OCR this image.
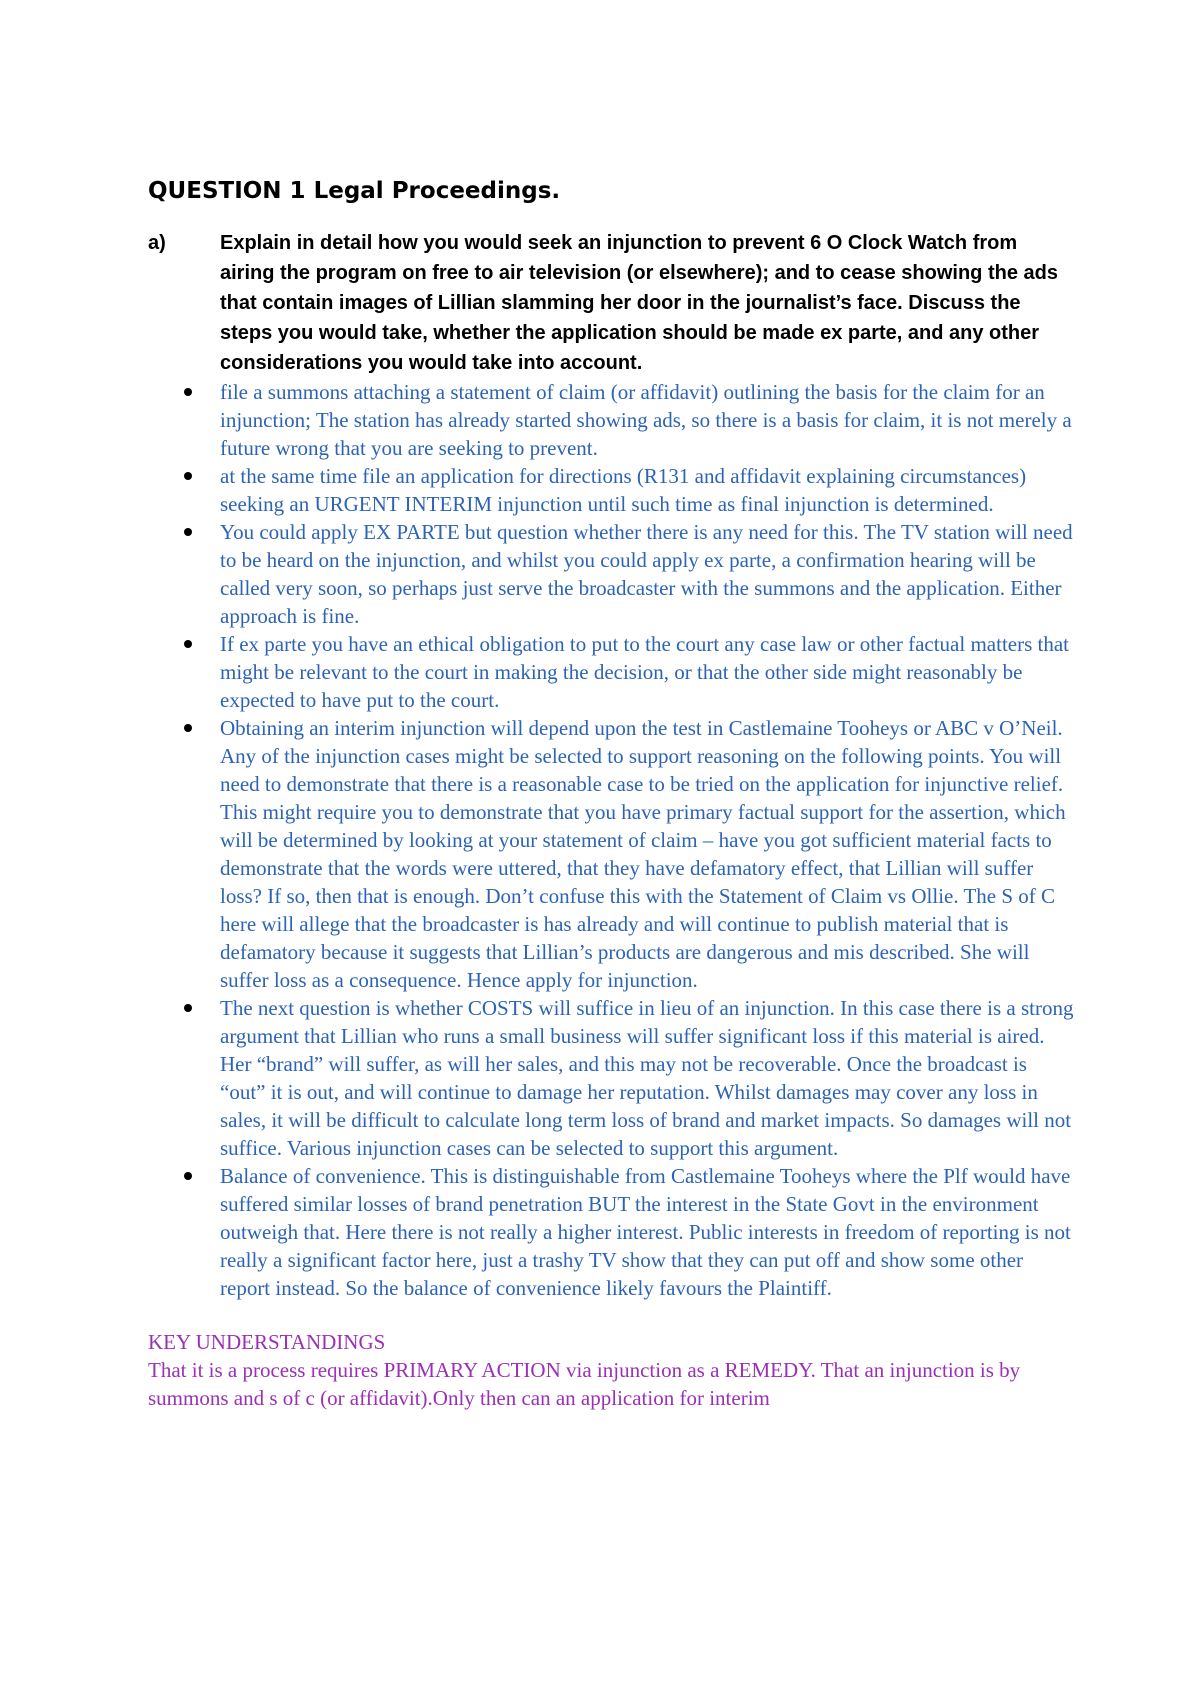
QUESTION 1 Legal Proceedings.
a)	Explain in detail how you would seek an injunction to prevent 6 O Clock Watch from airing the program on free to air television (or elsewhere); and to cease showing the ads that contain images of Lillian slamming her door in the journalist’s face. Discuss the steps you would take, whether the application should be made ex parte, and any other considerations you would take into account.
file a summons attaching a statement of claim (or affidavit) outlining the basis for the claim for an injunction; The station has already started showing ads, so there is a basis for claim, it is not merely a future wrong that you are seeking to prevent.
at the same time file an application for directions (R131 and affidavit explaining circumstances) seeking an URGENT INTERIM injunction until such time as final injunction is determined.
You could apply EX PARTE but question whether there is any need for this. The TV station will need to be heard on the injunction, and whilst you could apply ex parte, a confirmation hearing will be called very soon, so perhaps just serve the broadcaster with the summons and the application. Either approach is fine.
If ex parte you have an ethical obligation to put to the court any case law or other factual matters that might be relevant to the court in making the decision, or that the other side might reasonably be expected to have put to the court.
Obtaining an interim injunction will depend upon the test in Castlemaine Tooheys or ABC v O’Neil. Any of the injunction cases might be selected to support reasoning on the following points. You will need to demonstrate that there is a reasonable case to be tried on the application for injunctive relief. This might require you to demonstrate that you have primary factual support for the assertion, which will be determined by looking at your statement of claim – have you got sufficient material facts to demonstrate that the words were uttered, that they have defamatory effect, that Lillian will suffer loss? If so, then that is enough. Don’t confuse this with the Statement of Claim vs Ollie. The S of C here will allege that the broadcaster is has already and will continue to publish material that is defamatory because it suggests that Lillian’s products are dangerous and mis described. She will suffer loss as a consequence. Hence apply for injunction.
The next question is whether COSTS will suffice in lieu of an injunction. In this case there is a strong argument that Lillian who runs a small business will suffer significant loss if this material is aired. Her “brand” will suffer, as will her sales, and this may not be recoverable. Once the broadcast is “out” it is out, and will continue to damage her reputation. Whilst damages may cover any loss in sales, it will be difficult to calculate long term loss of brand and market impacts. So damages will not suffice. Various injunction cases can be selected to support this argument.
Balance of convenience. This is distinguishable from Castlemaine Tooheys where the Plf would have suffered similar losses of brand penetration BUT the interest in the State Govt in the environment outweigh that. Here there is not really a higher interest. Public interests in freedom of reporting is not really a significant factor here, just a trashy TV show that they can put off and show some other report instead. So the balance of convenience likely favours the Plaintiff.
KEY UNDERSTANDINGS
That it is a process requires PRIMARY ACTION via injunction as a REMEDY. That an injunction is by summons and s of c (or affidavit).Only then can an application for interim
